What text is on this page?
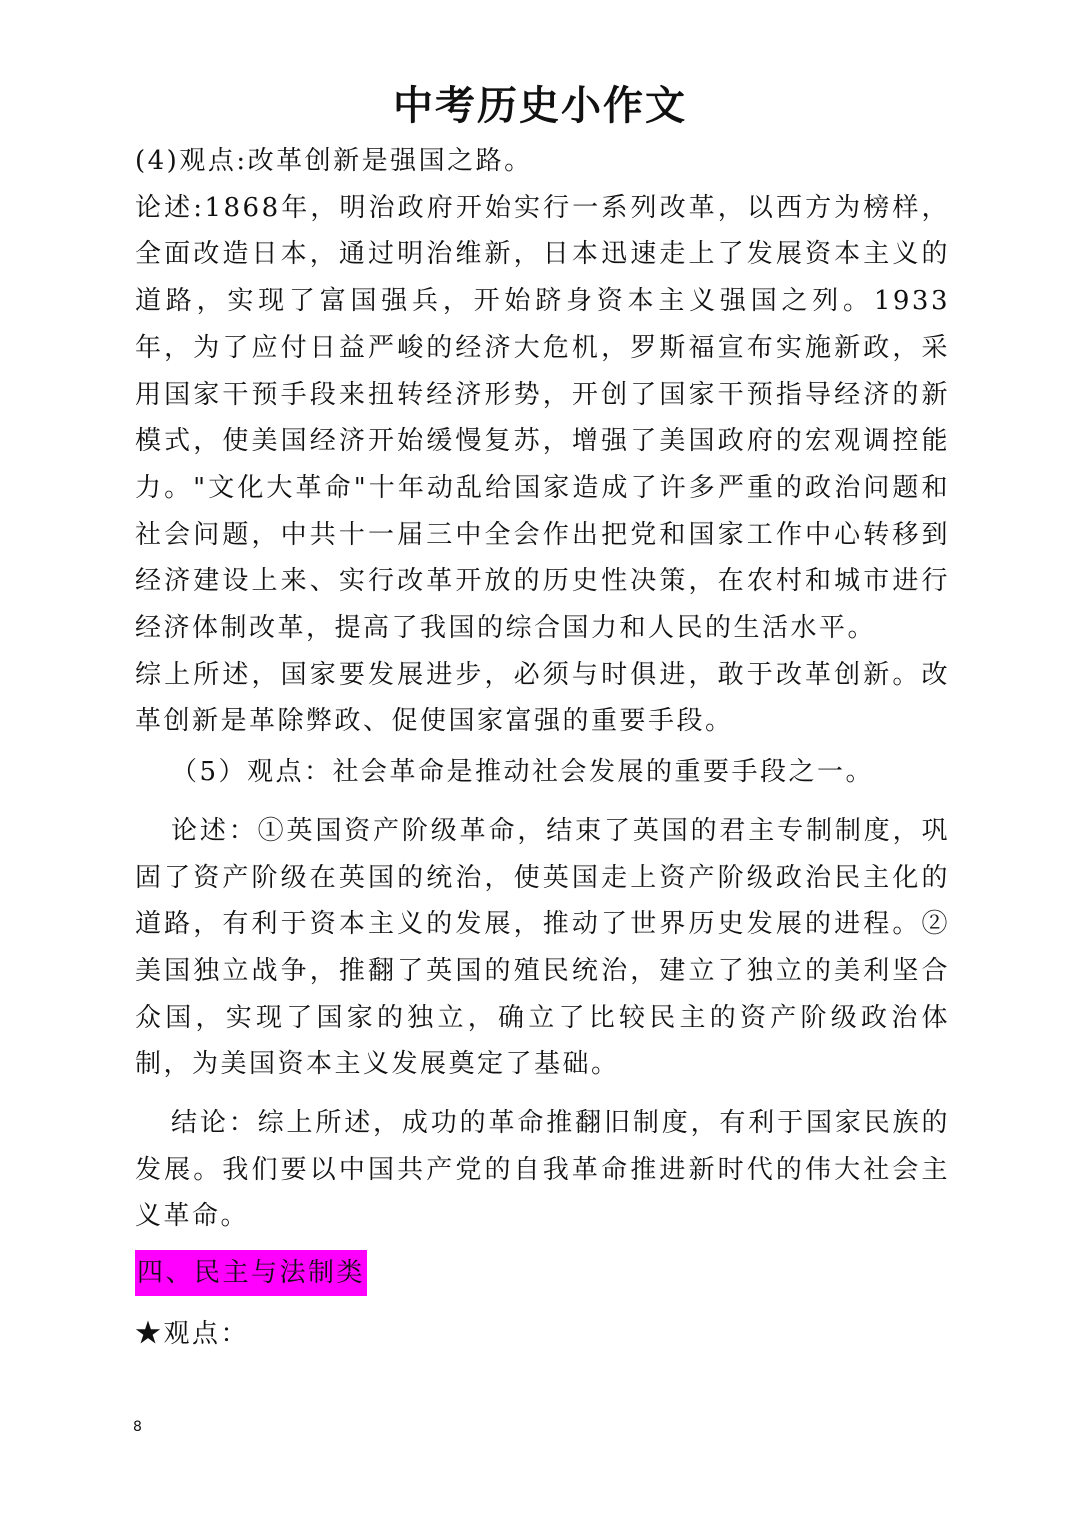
中考历史小作文

(4)观点:改革创新是强国之路。

论述:1868年，明治政府开始实行一系列改革，以西方为榜样，全面改造日本，通过明治维新，日本迅速走上了发展资本主义的道路，实现了富国强兵，开始跻身资本主义强国之列。1933年，为了应付日益严峻的经济大危机，罗斯福宣布实施新政，采用国家干预手段来扭转经济形势，开创了国家干预指导经济的新模式，使美国经济开始缓慢复苏，增强了美国政府的宏观调控能力。"文化大革命"十年动乱给国家造成了许多严重的政治问题和社会问题，中共十一届三中全会作出把党和国家工作中心转移到经济建设上来、实行改革开放的历史性决策，在农村和城市进行经济体制改革，提高了我国的综合国力和人民的生活水平。

综上所述，国家要发展进步，必须与时俱进，敢于改革创新。改革创新是革除弊政、促使国家富强的重要手段。

（5）观点：社会革命是推动社会发展的重要手段之一。

论述：①英国资产阶级革命，结束了英国的君主专制制度，巩固了资产阶级在英国的统治，使英国走上资产阶级政治民主化的道路，有利于资本主义的发展，推动了世界历史发展的进程。②美国独立战争，推翻了英国的殖民统治，建立了独立的美利坚合众国，实现了国家的独立，确立了比较民主的资产阶级政治体制，为美国资本主义发展奠定了基础。

结论：综上所述，成功的革命推翻旧制度，有利于国家民族的发展。我们要以中国共产党的自我革命推进新时代的伟大社会主义革命。

四、民主与法制类

★观点：

8
